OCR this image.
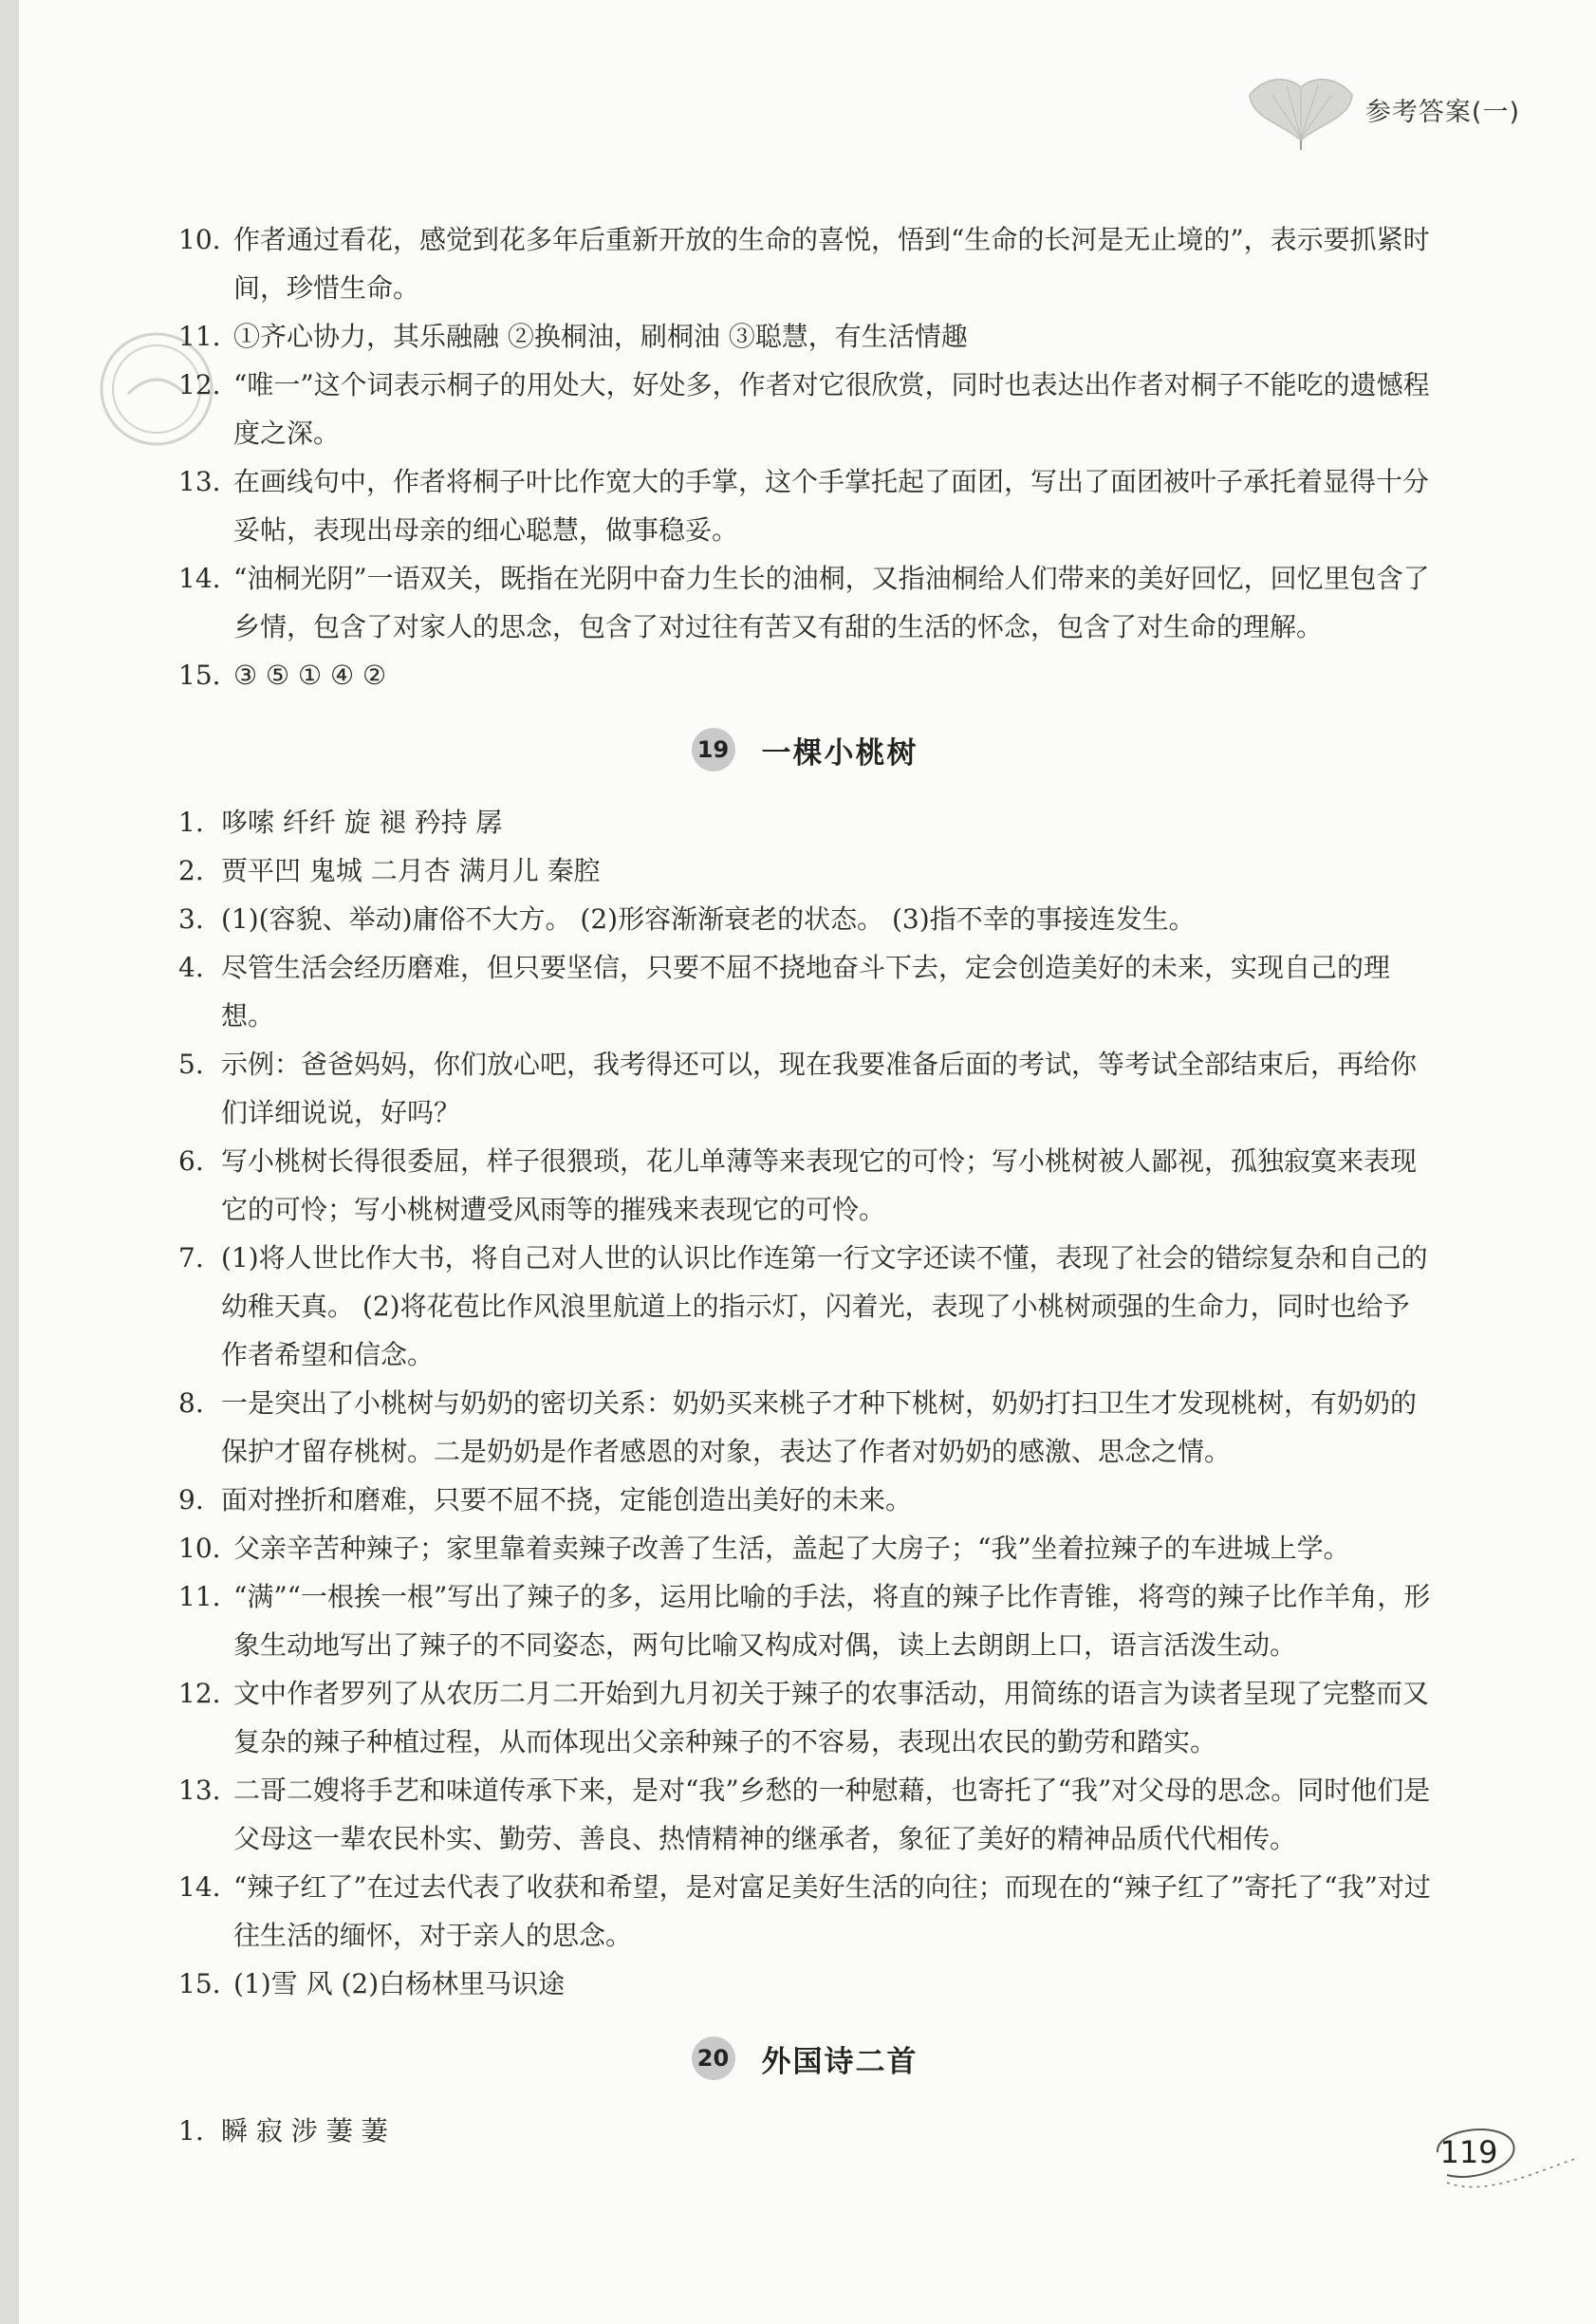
参考答案(一)
10. 作者通过看花，感觉到花多年后重新开放的生命的喜悦，悟到“生命的长河是无止境的”，表示要抓紧时间，珍惜生命。
11. ①齐心协力，其乐融融 ②换桐油，刷桐油 ③聪慧，有生活情趣
12. “唯一”这个词表示桐子的用处大，好处多，作者对它很欣赏，同时也表达出作者对桐子不能吃的遗憾程度之深。
13. 在画线句中，作者将桐子叶比作宽大的手掌，这个手掌托起了面团，写出了面团被叶子承托着显得十分妥帖，表现出母亲的细心聪慧，做事稳妥。
14. “油桐光阴”一语双关，既指在光阴中奋力生长的油桐，又指油桐给人们带来的美好回忆，回忆里包含了乡情，包含了对家人的思念，包含了对过往有苦又有甜的生活的怀念，包含了对生命的理解。
15. ③ ⑤ ① ④ ②
19 一棵小桃树
1. 哆嗦 纤纤 旋 褪 矜持 孱
2. 贾平凹 鬼城 二月杏 满月儿 秦腔
3. (1)(容貌、举动)庸俗不大方。 (2)形容渐渐衰老的状态。 (3)指不幸的事接连发生。
4. 尽管生活会经历磨难，但只要坚信，只要不屈不挠地奋斗下去，定会创造美好的未来，实现自己的理想。
5. 示例：爸爸妈妈，你们放心吧，我考得还可以，现在我要准备后面的考试，等考试全部结束后，再给你们详细说说，好吗？
6. 写小桃树长得很委屈，样子很猥琐，花儿单薄等来表现它的可怜；写小桃树被人鄙视，孤独寂寞来表现它的可怜；写小桃树遭受风雨等的摧残来表现它的可怜。
7. (1)将人世比作大书，将自己对人世的认识比作连第一行文字还读不懂，表现了社会的错综复杂和自己的幼稚天真。 (2)将花苞比作风浪里航道上的指示灯，闪着光，表现了小桃树顽强的生命力，同时也给予作者希望和信念。
8. 一是突出了小桃树与奶奶的密切关系：奶奶买来桃子才种下桃树，奶奶打扫卫生才发现桃树，有奶奶的保护才留存桃树。二是奶奶是作者感恩的对象，表达了作者对奶奶的感激、思念之情。
9. 面对挫折和磨难，只要不屈不挠，定能创造出美好的未来。
10. 父亲辛苦种辣子；家里靠着卖辣子改善了生活，盖起了大房子；“我”坐着拉辣子的车进城上学。
11. “满”“一根挨一根”写出了辣子的多，运用比喻的手法，将直的辣子比作青锥，将弯的辣子比作羊角，形象生动地写出了辣子的不同姿态，两句比喻又构成对偶，读上去朗朗上口，语言活泼生动。
12. 文中作者罗列了从农历二月二开始到九月初关于辣子的农事活动，用简练的语言为读者呈现了完整而又复杂的辣子种植过程，从而体现出父亲种辣子的不容易，表现出农民的勤劳和踏实。
13. 二哥二嫂将手艺和味道传承下来，是对“我”乡愁的一种慰藉，也寄托了“我”对父母的思念。同时他们是父母这一辈农民朴实、勤劳、善良、热情精神的继承者，象征了美好的精神品质代代相传。
14. “辣子红了”在过去代表了收获和希望，是对富足美好生活的向往；而现在的“辣子红了”寄托了“我”对过往生活的缅怀，对于亲人的思念。
15. (1)雪 风 (2)白杨林里马识途
20 外国诗二首
1. 瞬 寂 涉 萋 萋
119
